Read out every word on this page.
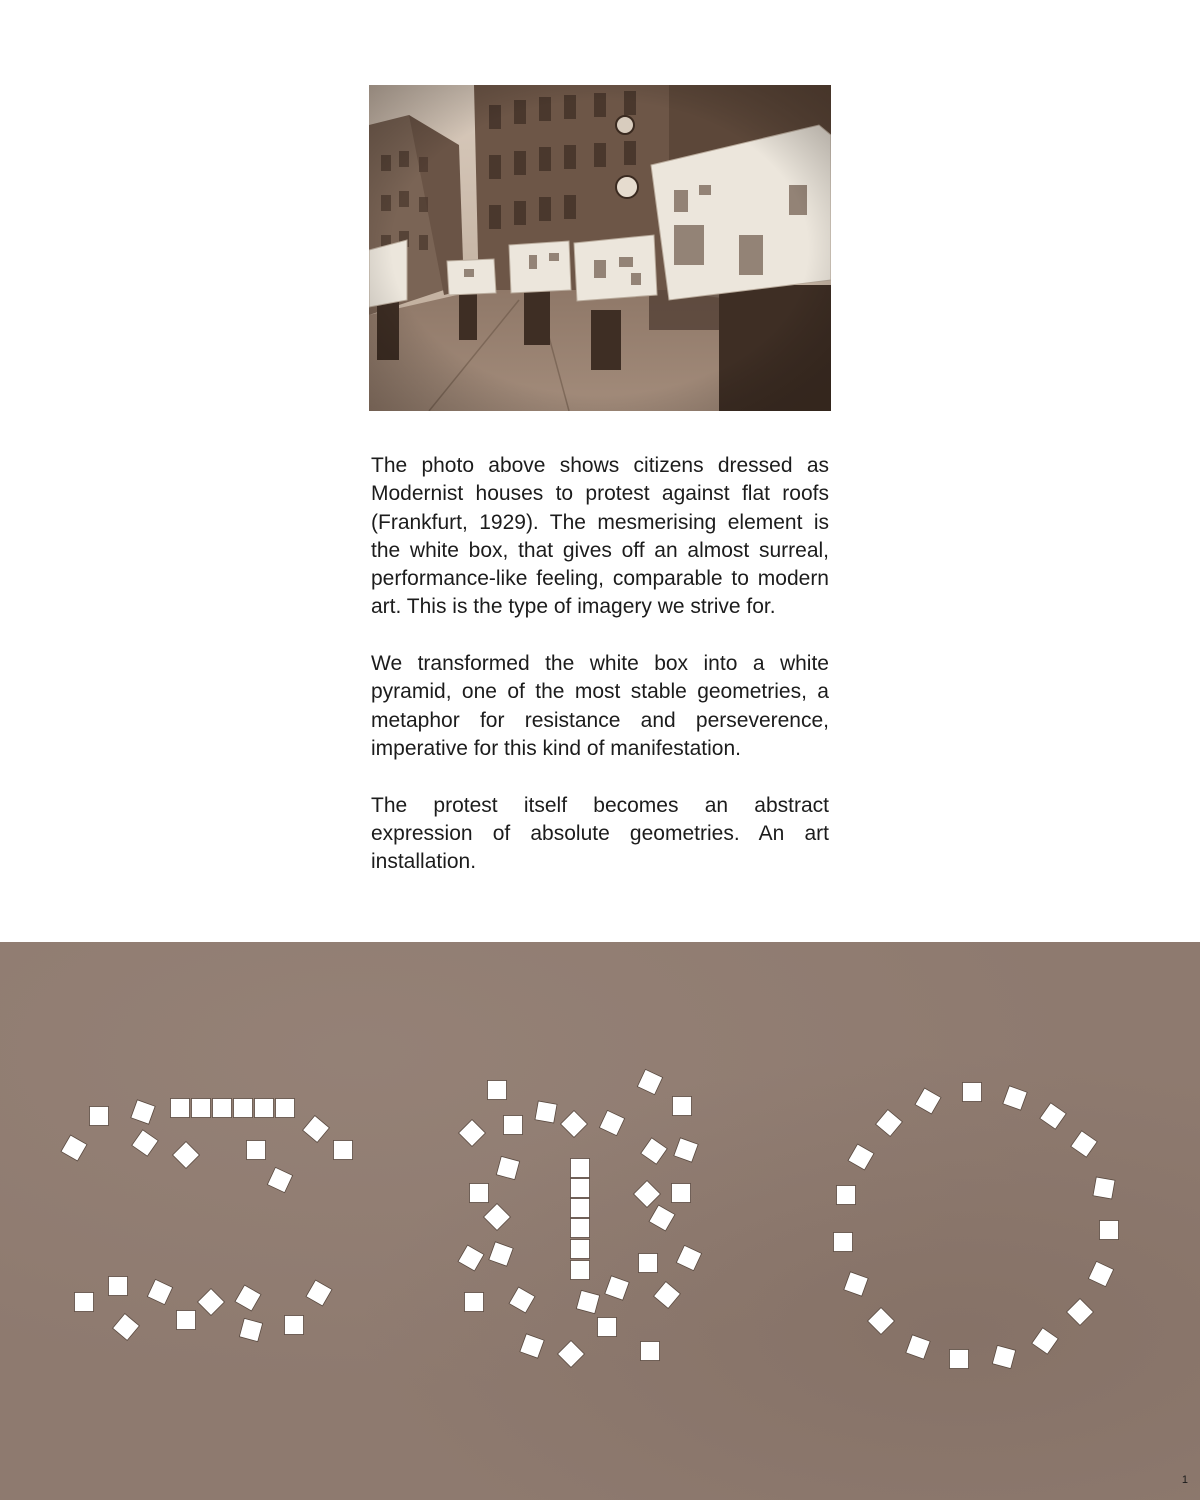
The photo above shows citizens dressed as Modernist houses to protest against flat roofs (Frankfurt, 1929). The mesmerising element is the white box, that gives off an almost surreal, performance-like feeling, comparable to modern art. This is the type of imagery we strive for.

We transformed the white box into a white pyramid, one of the most stable geometries, a metaphor for resistance and perseverence, imperative for this kind of manifestation.

The protest itself becomes an abstract expression of absolute geometries. An art installation.

1
